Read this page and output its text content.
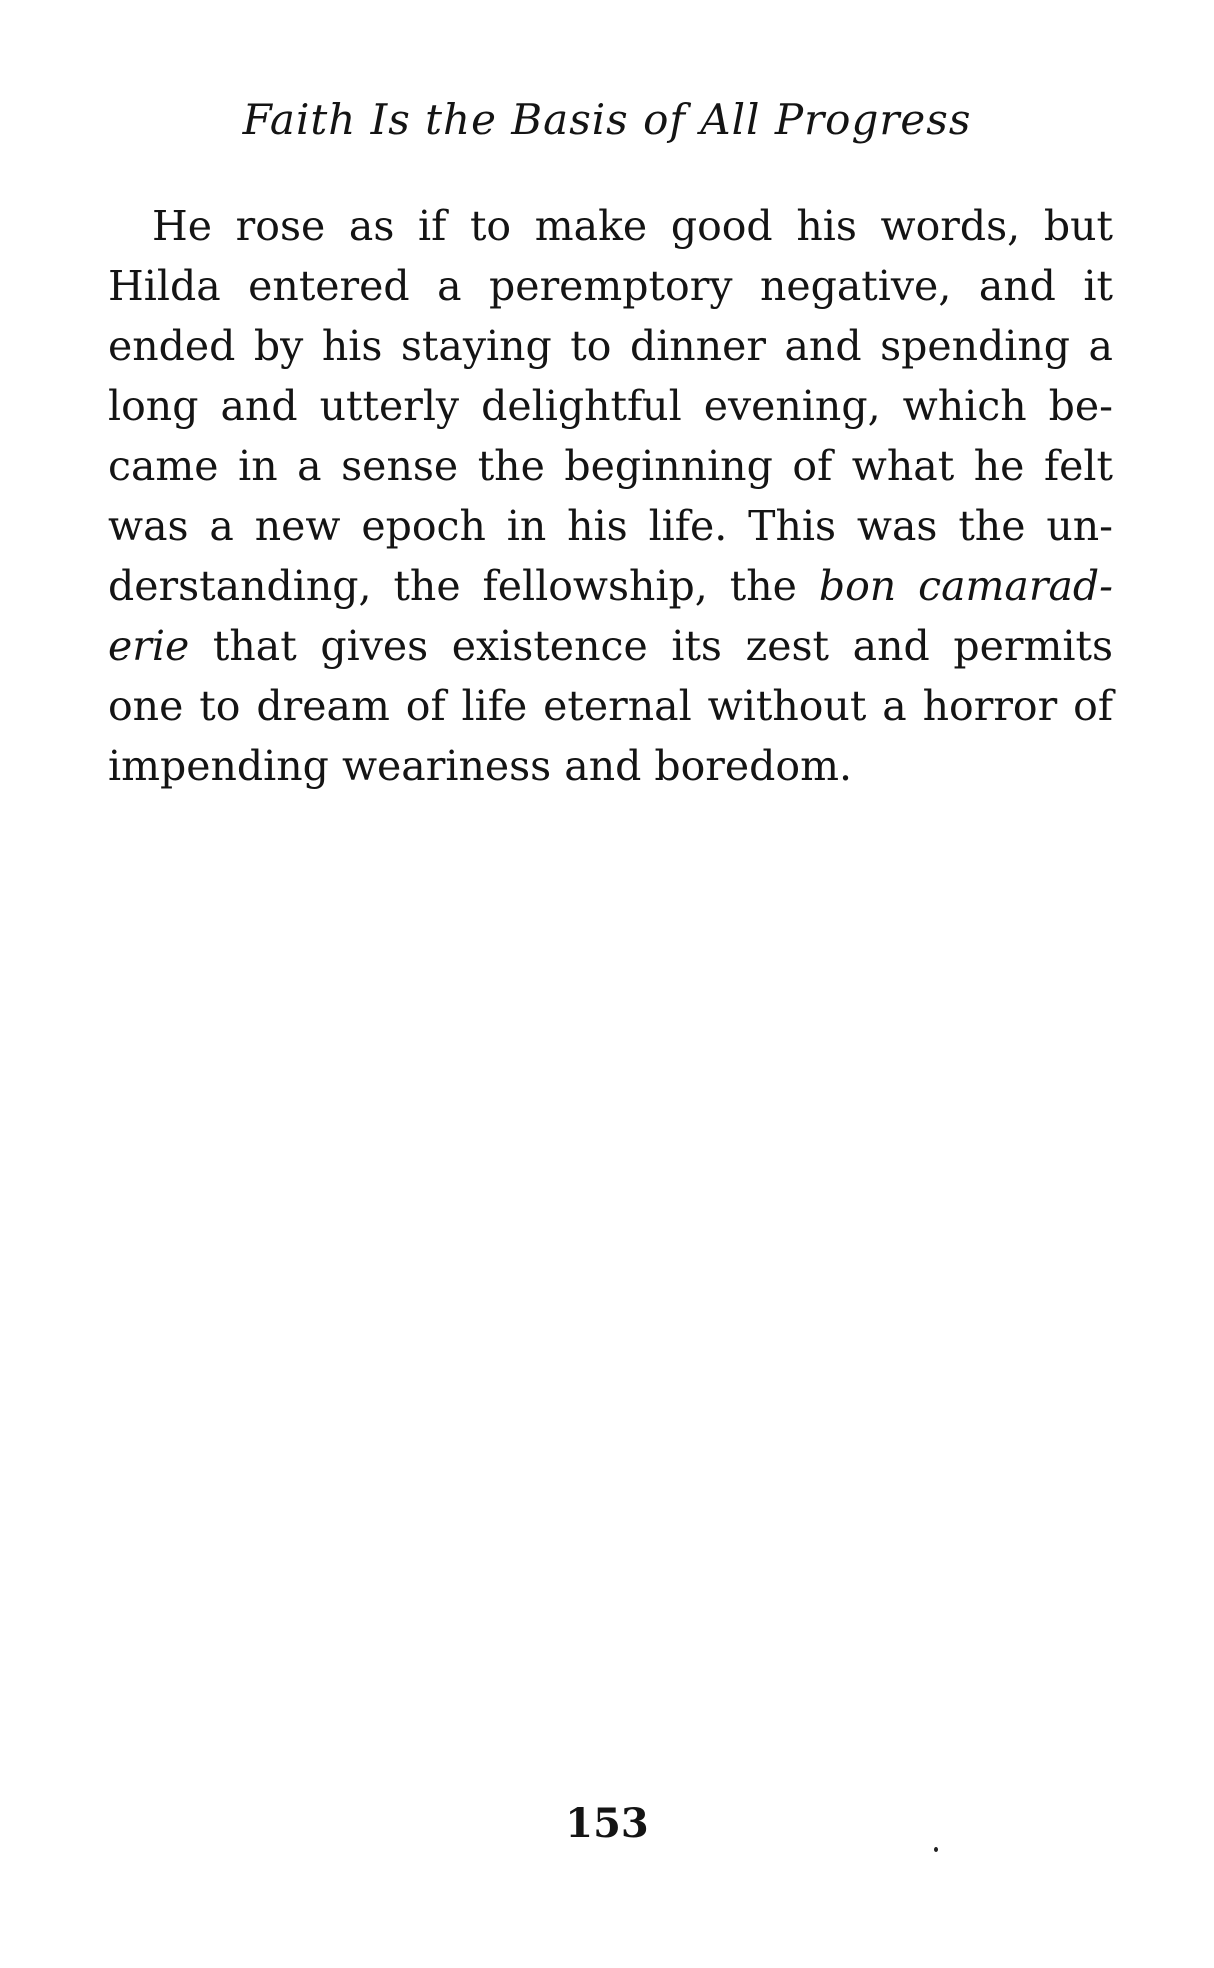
Faith Is the Basis of All Progress
He rose as if to make good his words, but
Hilda entered a peremptory negative, and it
ended by his staying to dinner and spending a
long and utterly delightful evening, which be-
came in a sense the beginning of what he felt
was a new epoch in his life. This was the un-
derstanding, the fellowship, the bon camarad-
erie that gives existence its zest and permits
one to dream of life eternal without a horror of
impending weariness and boredom.
153
